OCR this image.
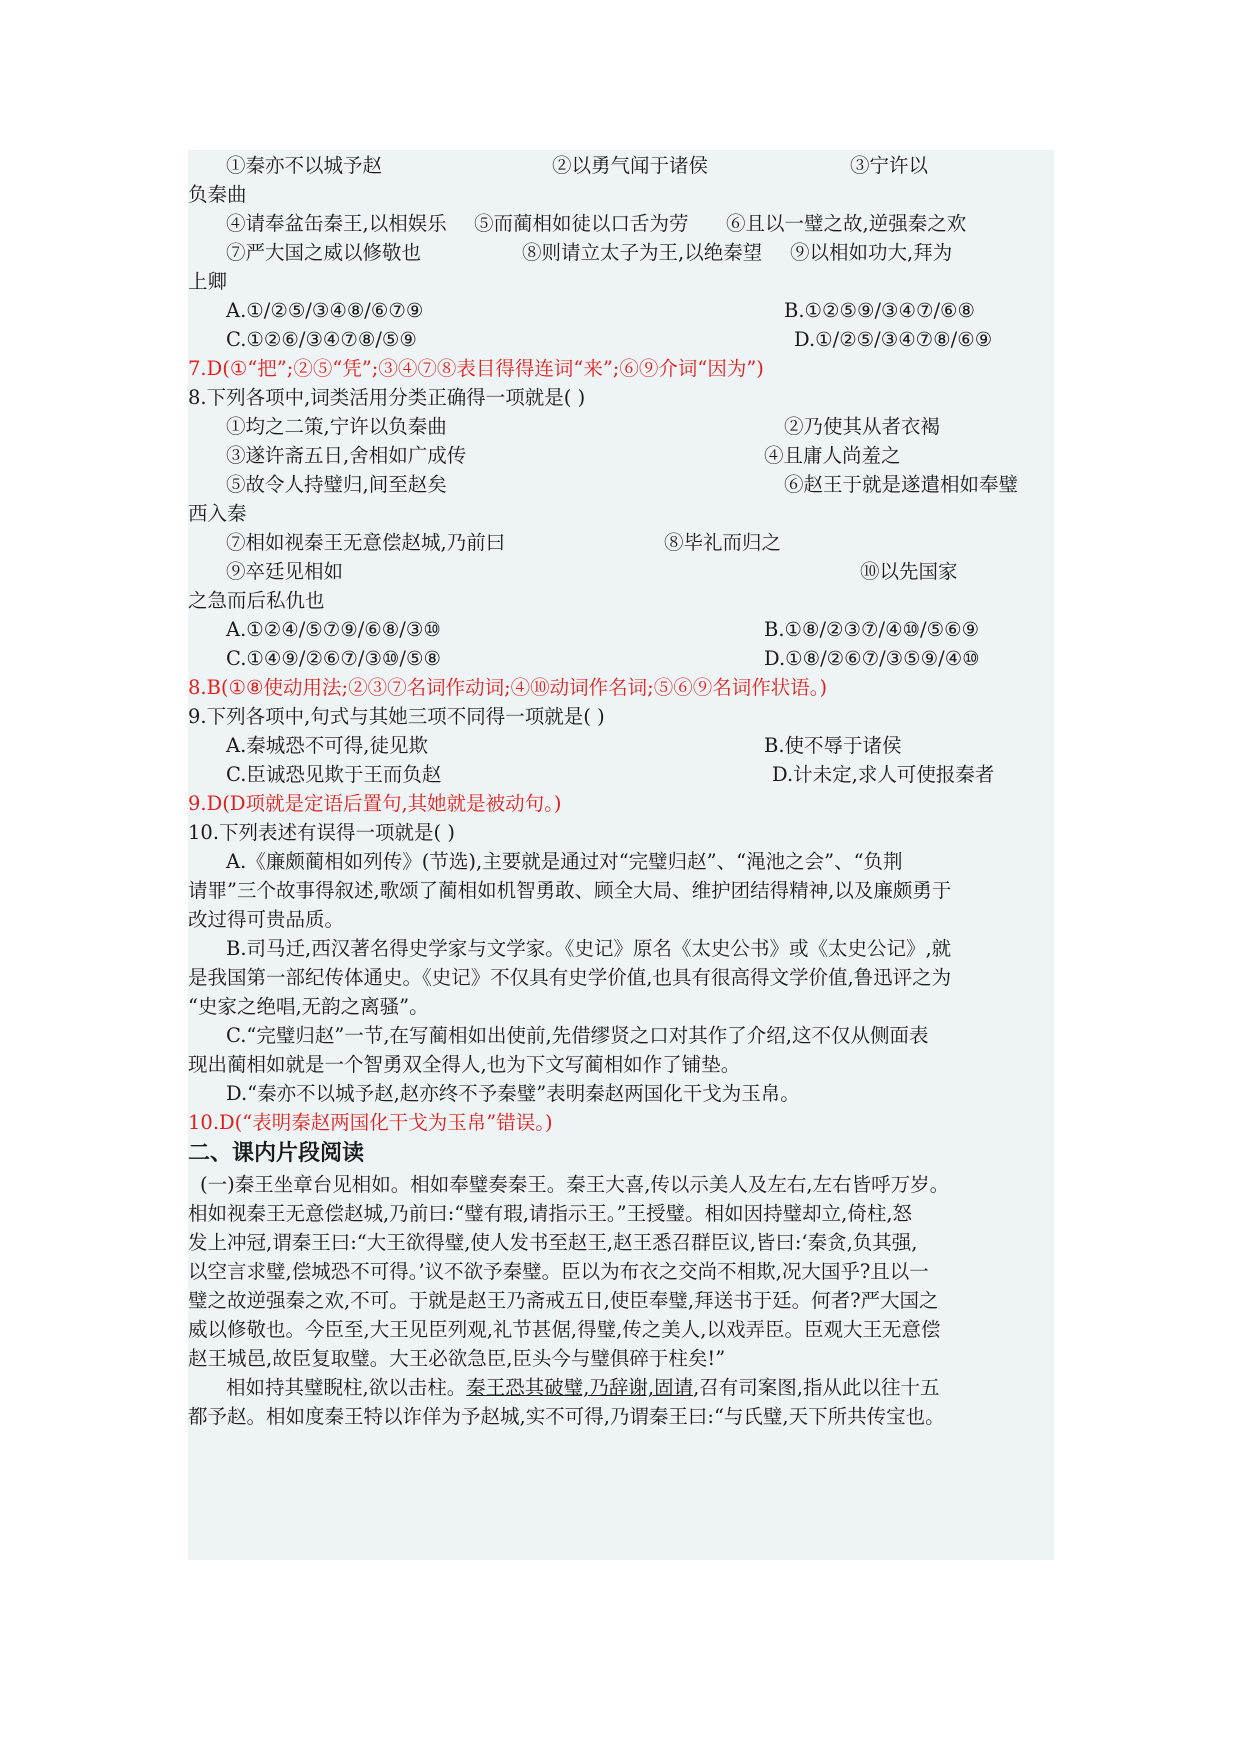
①秦亦不以城予赵	②以勇气闻于诸侯	③宁许以
负秦曲
④请奉盆缶秦王,以相娱乐 ⑤而蔺相如徒以口舌为劳 ⑥且以一璧之故,逆强秦之欢
⑦严大国之威以修敬也	⑧则请立太子为王,以绝秦望 ⑨以相如功大,拜为
上卿
A.①/②⑤/③④⑧/⑥⑦⑨	B.①②⑤⑨/③④⑦/⑥⑧
C.①②⑥/③④⑦⑧/⑤⑨	D.①/②⑤/③④⑦⑧/⑥⑨
7.D(①“把”;②⑤“凭”;③④⑦⑧表目得得连词“来”;⑥⑨介词“因为”)
8.下列各项中,词类活用分类正确得一项就是( )
①均之二策,宁许以负秦曲	②乃使其从者衣褐
③遂许斋五日,舍相如广成传	④且庸人尚羞之
⑤故令人持璧归,间至赵矣	⑥赵王于就是遂遣相如奉璧
西入秦
⑦相如视秦王无意偿赵城,乃前曰	⑧毕礼而归之
⑨卒廷见相如	⑩以先国家
之急而后私仇也
A.①②④/⑤⑦⑨/⑥⑧/③⑩	B.①⑧/②③⑦/④⑩/⑤⑥⑨
C.①④⑨/②⑥⑦/③⑩/⑤⑧	D.①⑧/②⑥⑦/③⑤⑨/④⑩
8.B(①⑧使动用法;②③⑦名词作动词;④⑩动词作名词;⑤⑥⑨名词作状语。)
9.下列各项中,句式与其她三项不同得一项就是( )
A.秦城恐不可得,徒见欺	B.使不辱于诸侯
C.臣诚恐见欺于王而负赵	D.计未定,求人可使报秦者
9.D(D项就是定语后置句,其她就是被动句。)
10.下列表述有误得一项就是( )
A.《廉颇蔺相如列传》(节选),主要就是通过对“完璧归赵”、“渑池之会”、“负荆
请罪”三个故事得叙述,歌颂了蔺相如机智勇敢、顾全大局、维护团结得精神,以及廉颇勇于
改过得可贵品质。
B.司马迁,西汉著名得史学家与文学家。《史记》原名《太史公书》或《太史公记》,就
是我国第一部纪传体通史。《史记》不仅具有史学价值,也具有很高得文学价值,鲁迅评之为
“史家之绝唱,无韵之离骚”。
C.“完璧归赵”一节,在写蔺相如出使前,先借缪贤之口对其作了介绍,这不仅从侧面表
现出蔺相如就是一个智勇双全得人,也为下文写蔺相如作了铺垫。
D.“秦亦不以城予赵,赵亦终不予秦璧”表明秦赵两国化干戈为玉帛。
10.D(“表明秦赵两国化干戈为玉帛”错误。)
二、课内片段阅读
(一)秦王坐章台见相如。相如奉璧奏秦王。秦王大喜,传以示美人及左右,左右皆呼万岁。
相如视秦王无意偿赵城,乃前曰:“璧有瑕,请指示王。”王授璧。相如因持璧却立,倚柱,怒
发上冲冠,谓秦王曰:“大王欲得璧,使人发书至赵王,赵王悉召群臣议,皆曰:‘秦贪,负其强,
以空言求璧,偿城恐不可得。’议不欲予秦璧。臣以为布衣之交尚不相欺,况大国乎?且以一
璧之故逆强秦之欢,不可。于就是赵王乃斋戒五日,使臣奉璧,拜送书于廷。何者?严大国之
威以修敬也。今臣至,大王见臣列观,礼节甚倨,得璧,传之美人,以戏弄臣。臣观大王无意偿
赵王城邑,故臣复取璧。大王必欲急臣,臣头今与璧俱碎于柱矣!”
相如持其璧睨柱,欲以击柱。秦王恐其破璧,乃辞谢,固请,召有司案图,指从此以往十五
都予赵。相如度秦王特以诈佯为予赵城,实不可得,乃谓秦王曰:“与氏璧,天下所共传宝也。
